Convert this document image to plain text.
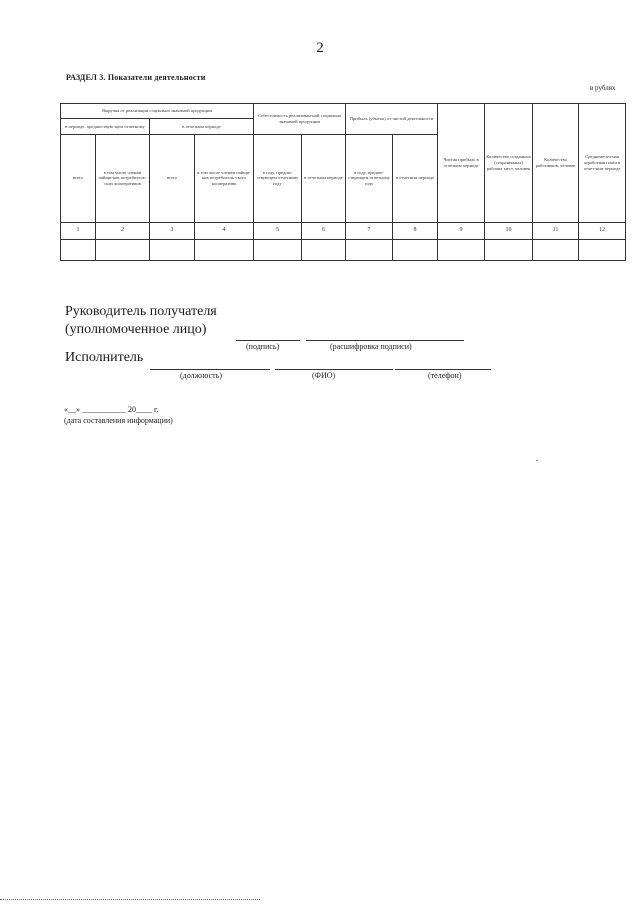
2
РАЗДЕЛ 3. Показатели деятельности
в рублях
Выручка от реализации социально значимой продукции				Себестоимость реализован-ной социально значимой продукции		Прибыль (убыток) от чистой деятельности		Чистая прибыль в отчетном периоде	Количество созданных (сохраненных) рабочих мест, человек	Количество работников, человек	Среднемесяч-ная заработная плата в отчет-ном периоде
в периоде, предшествую-щем отчетному		в отчетном периоде									
всего	в том числе членам пайщи-ков потребитель-ских кооперативов	всего	в том числе членам пайщи-ков потребитель-ского кооператива	в году, предше-ствующем отчетному году	в отчетном периоде	в году, предше-ствующем отчетному году	в отчетном периоде				
1	2	3	4	5	6	7	8	9	10	11	12

Руководитель получателя
(уполномоченное лицо)
(подпись)	(расшифровка подписи)
Исполнитель
(должность)	(ФИО)	(телефон)
«__» ___________ 20____ г.
(дата составления информации)
